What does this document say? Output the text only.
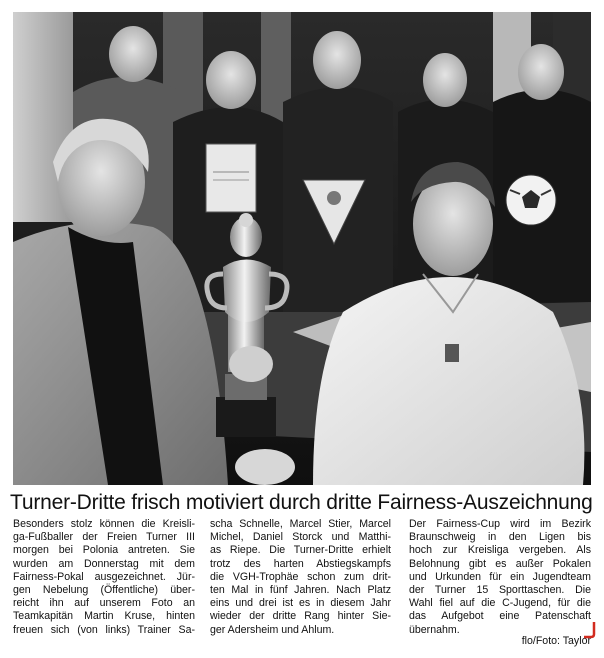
Turner-Dritte frisch motiviert durch dritte Fairness-Auszeichnung
Besonders stolz können die Kreisli-
ga-Fußballer der Freien Turner III
morgen bei Polonia antreten. Sie
wurden am Donnerstag mit dem
Fairness-Pokal ausgezeichnet. Jür-
gen Nebelung (Öffentliche) über-
reicht ihn auf unserem Foto an
Teamkapitän Martin Kruse, hinten
freuen sich (von links) Trainer Sa-
scha Schnelle, Marcel Stier, Marcel
Michel, Daniel Storck und Matthi-
as Riepe. Die Turner-Dritte erhielt
trotz des harten Abstiegskampfs
die VGH-Trophäe schon zum drit-
ten Mal in fünf Jahren. Nach Platz
eins und drei ist es in diesem Jahr
wieder der dritte Rang hinter Sie-
ger Adersheim und Ahlum.
Der Fairness-Cup wird im Bezirk
Braunschweig in den Ligen bis
hoch zur Kreisliga vergeben. Als
Belohnung gibt es außer Pokalen
und Urkunden für ein Jugendteam
der Turner 15 Sporttaschen. Die
Wahl fiel auf die C-Jugend, für die
das Aufgebot eine Patenschaft
übernahm.
flo/Foto: Taylor
